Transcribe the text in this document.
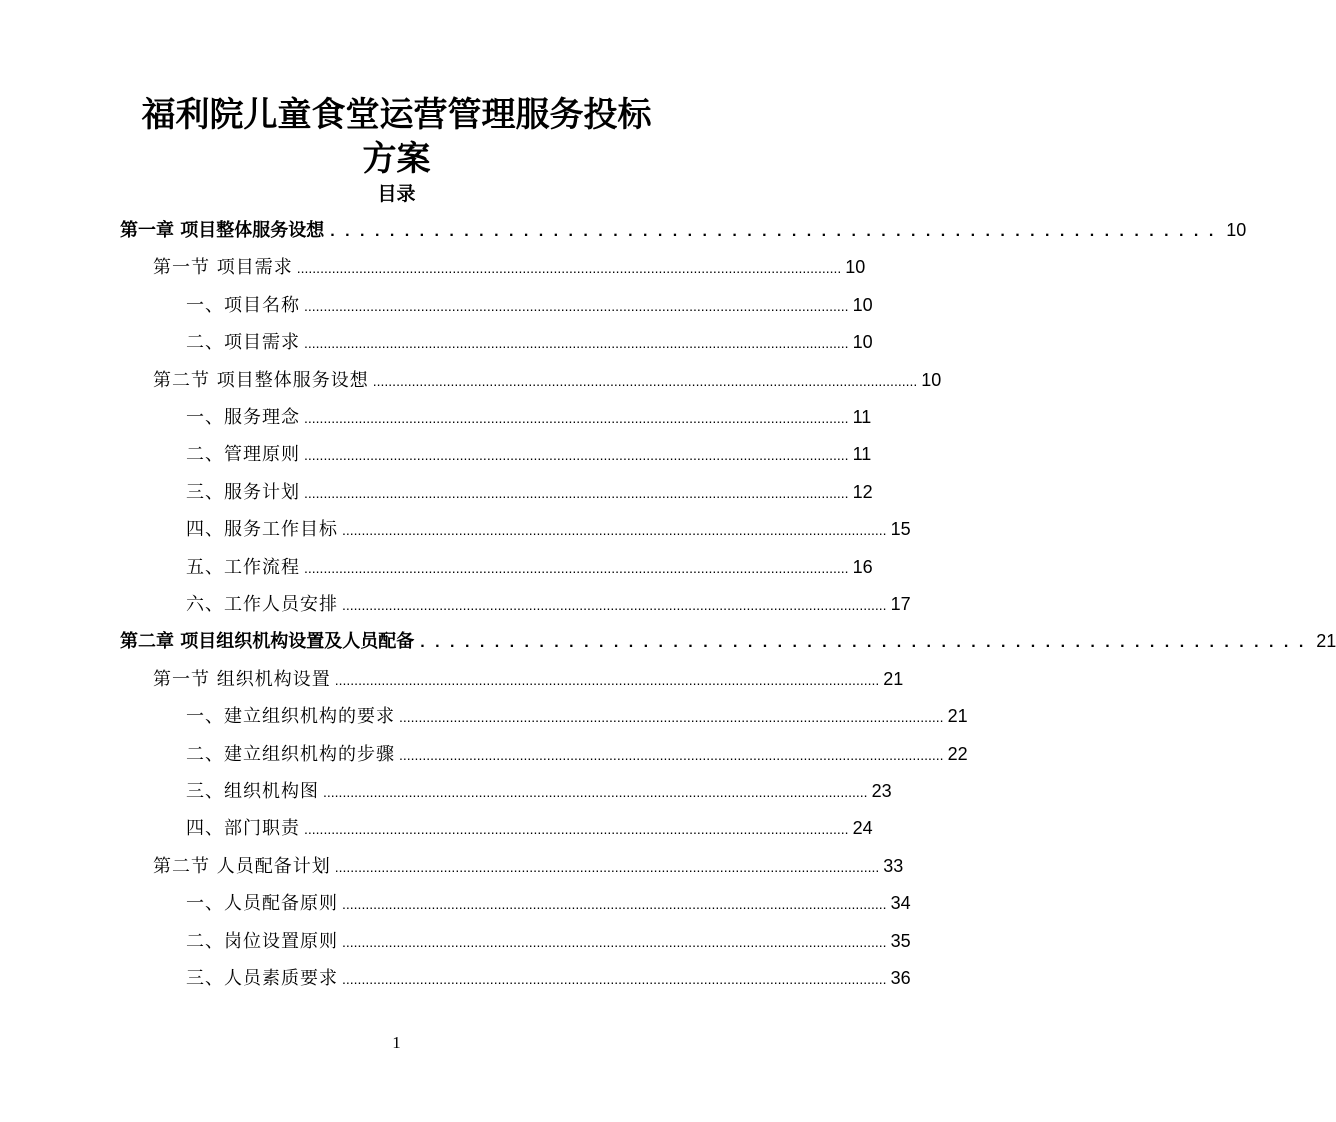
福利院儿童食堂运营管理服务投标
方案
目录
第一章 项目整体服务设想 . . . . . . . . . . . . . . . . . . . . . . . . . . . . . . . . . . . . . . . . . . . . . . . . . . . . . . . . . . . . 10
第一节 项目需求 ............................................................................................................................................ 10
一、项目名称 ............................................................................................................................................ 10
二、项目需求 ............................................................................................................................................ 10
第二节 项目整体服务设想 ............................................................................................................................................ 10
一、服务理念 ............................................................................................................................................ 11
二、管理原则 ............................................................................................................................................ 11
三、服务计划 ............................................................................................................................................ 12
四、服务工作目标 ............................................................................................................................................ 15
五、工作流程 ............................................................................................................................................ 16
六、工作人员安排 ............................................................................................................................................ 17
第二章 项目组织机构设置及人员配备 . . . . . . . . . . . . . . . . . . . . . . . . . . . . . . . . . . . . . . . . . . . . . . . . . . . . . . . . . . . . 21
第一节 组织机构设置 ............................................................................................................................................ 21
一、建立组织机构的要求 ............................................................................................................................................ 21
二、建立组织机构的步骤 ............................................................................................................................................ 22
三、组织机构图 ............................................................................................................................................ 23
四、部门职责 ............................................................................................................................................ 24
第二节 人员配备计划 ............................................................................................................................................ 33
一、人员配备原则 ............................................................................................................................................ 34
二、岗位设置原则 ............................................................................................................................................ 35
三、人员素质要求 ............................................................................................................................................ 36
1
